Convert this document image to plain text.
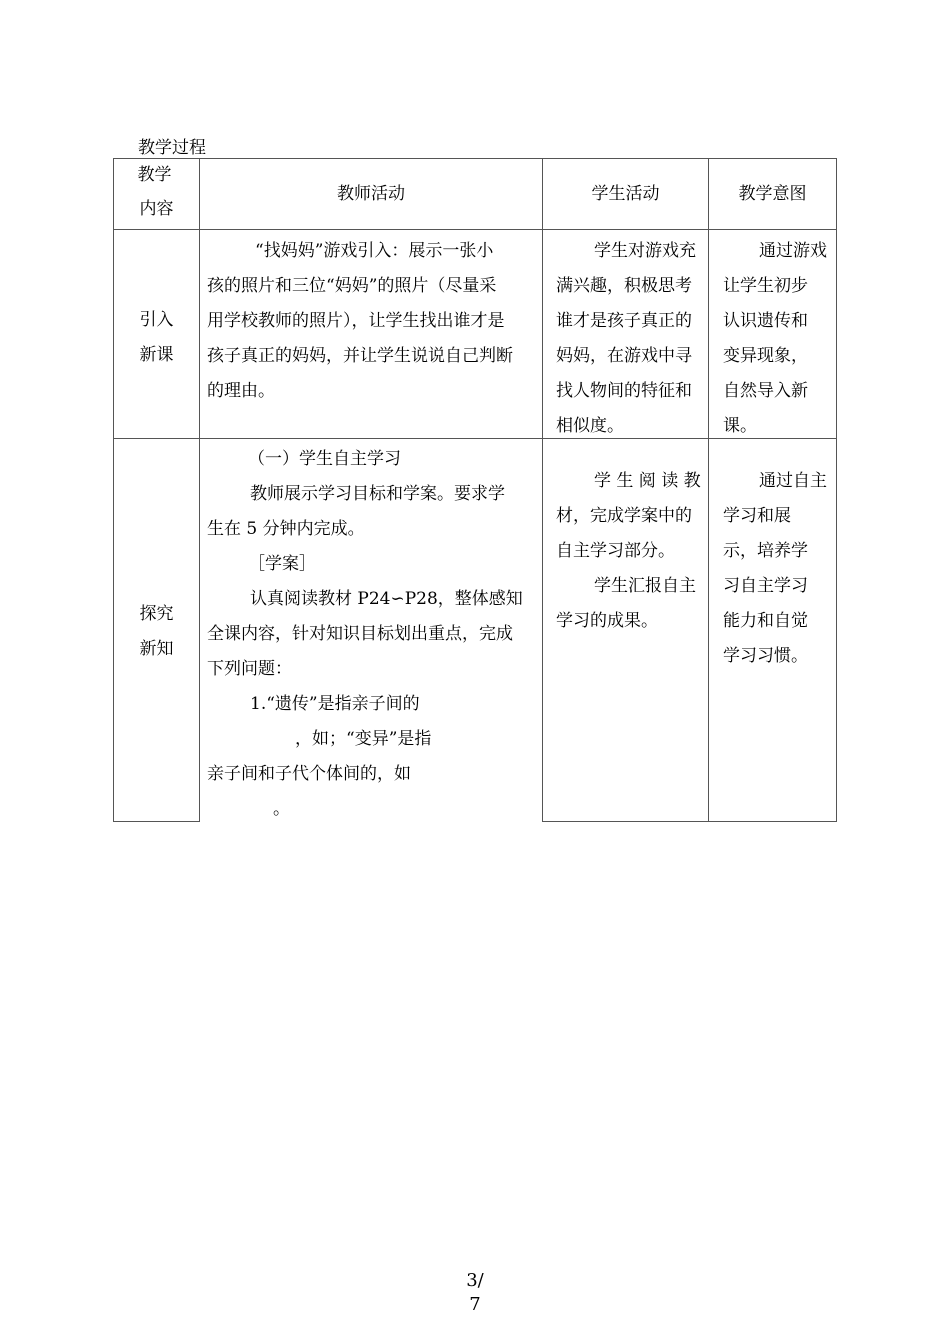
教学过程

教学

内容

教师活动	学生活动	教学意图

引入

新课

“找妈妈”游戏引入：展示一张小

孩的照片和三位“妈妈”的照片（尽量采

用学校教师的照片），让学生找出谁才是

孩子真正的妈妈，并让学生说说自己判断

的理由。

学生对游戏充

满兴趣，积极思考

谁才是孩子真正的

妈妈，在游戏中寻

找人物间的特征和

相似度。

通过游戏

让学生初步

认识遗传和

变异现象，

自然导入新

课。

探究

新知

（一）学生自主学习

教师展示学习目标和学案。要求学

生在 5 分钟内完成。

［学案］

认真阅读教材 P24∽P28，整体感知

全课内容，针对知识目标划出重点，完成

下列问题：

1.“遗传”是指亲子间的

，如；“变异”是指

亲子间和子代个体间的，如

。

学 生 阅 读 教

材，完成学案中的

自主学习部分。

学生汇报自主

学习的成果。

通过自主

学习和展

示，培养学

习自主学习

能力和自觉

学习习惯。

3/
7
